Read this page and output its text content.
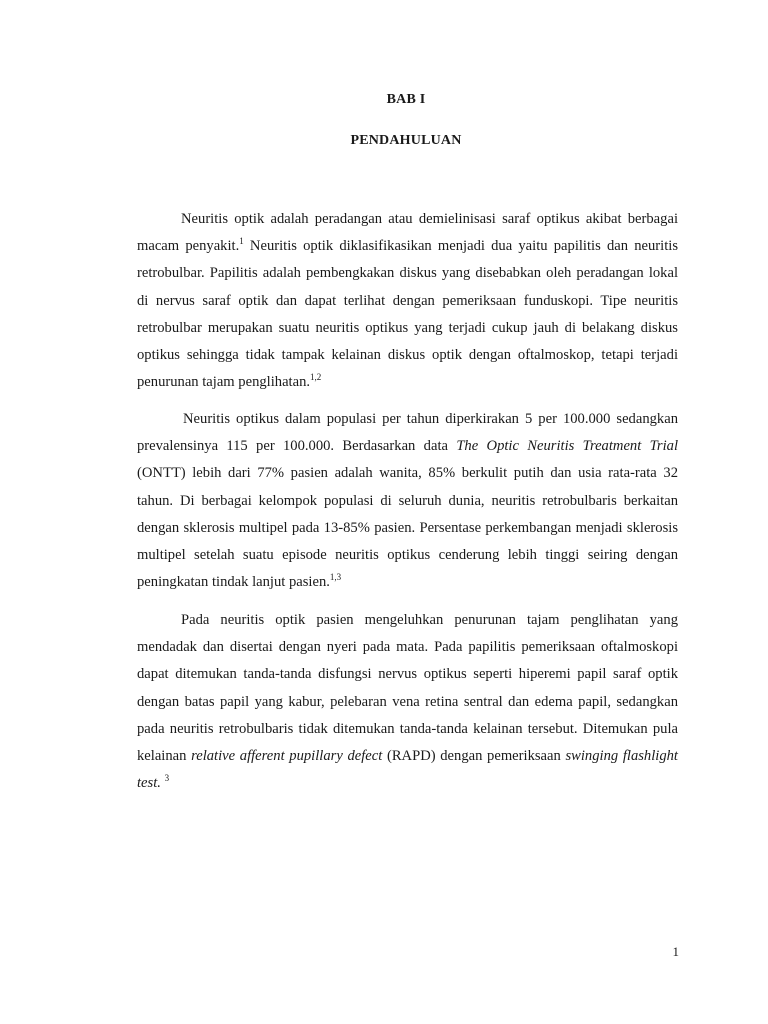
BAB I
PENDAHULUAN

Neuritis optik adalah peradangan atau demielinisasi saraf optikus akibat berbagai macam penyakit.$^1$ Neuritis optik diklasifikasikan menjadi dua yaitu papilitis dan neuritis retrobulbar. Papilitis adalah pembengkakan diskus yang disebabkan oleh peradangan lokal di nervus saraf optik dan dapat terlihat dengan pemeriksaan funduskopi. Tipe neuritis retrobulbar merupakan suatu neuritis optikus yang terjadi cukup jauh di belakang diskus optikus sehingga tidak tampak kelainan diskus optik dengan oftalmoskop, tetapi terjadi penurunan tajam penglihatan.$^{1,2}$

Neuritis optikus dalam populasi per tahun diperkirakan 5 per 100.000 sedangkan prevalensinya 115 per 100.000. Berdasarkan data The Optic Neuritis Treatment Trial (ONTT) lebih dari 77% pasien adalah wanita, 85% berkulit putih dan usia rata-rata 32 tahun. Di berbagai kelompok populasi di seluruh dunia, neuritis retrobulbaris berkaitan dengan sklerosis multipel pada 13-85% pasien. Persentase perkembangan menjadi sklerosis multipel setelah suatu episode neuritis optikus cenderung lebih tinggi seiring dengan peningkatan tindak lanjut pasien.$^{1,3}$

Pada neuritis optik pasien mengeluhkan penurunan tajam penglihatan yang mendadak dan disertai dengan nyeri pada mata. Pada papilitis pemeriksaan oftalmoskopi dapat ditemukan tanda-tanda disfungsi nervus optikus seperti hiperemi papil saraf optik dengan batas papil yang kabur, pelebaran vena retina sentral dan edema papil, sedangkan pada neuritis retrobulbaris tidak ditemukan tanda-tanda kelainan tersebut. Ditemukan pula kelainan relative afferent pupillary defect (RAPD) dengan pemeriksaan swinging flashlight test. $^3$

1
